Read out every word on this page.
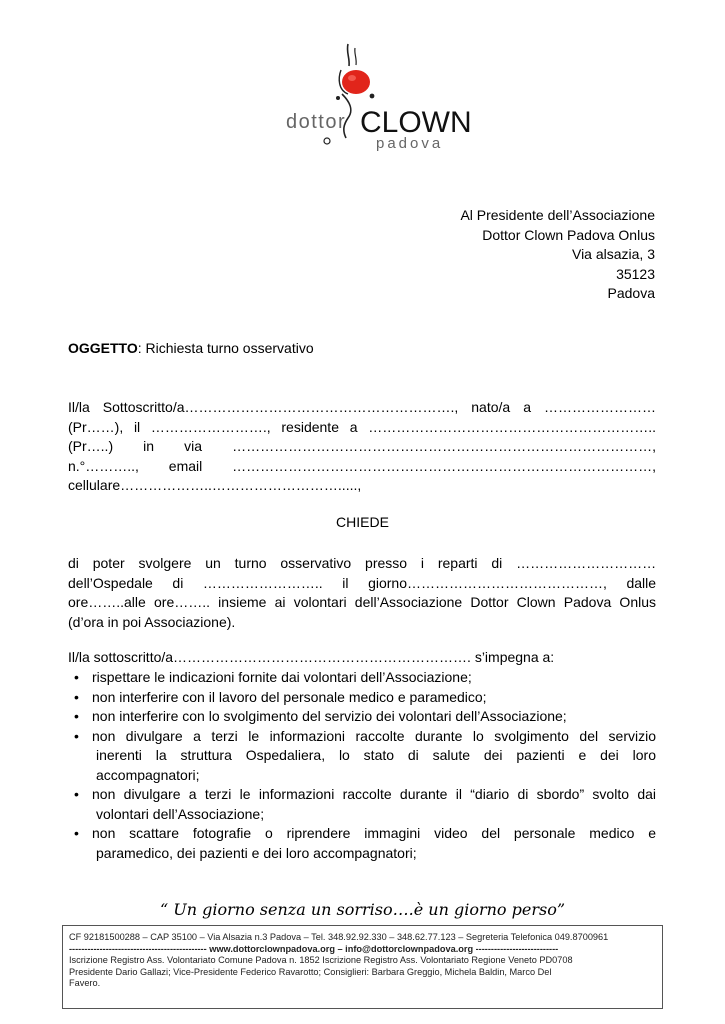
dottor CLOWN
padova
Al Presidente dell’Associazione
Dottor Clown Padova Onlus
Via alsazia, 3
35123
Padova
OGGETTO: Richiesta turno osservativo
Il/la Sottoscritto/a…………………………………………………., nato/a a ……………………
(Pr……), il ……………………., residente a ……………………………………………………..
(Pr…..) in via ………………………………………………………………………………,
n.°……….., email ………………………………………………………………………………,
cellulare………………..……………………….....,
CHIEDE
di poter svolgere un turno osservativo presso i reparti di …………………………
dell’Ospedale di …………………….. il giorno……………………………………, dalle
ore……..alle ore…….. insieme ai volontari dell’Associazione Dottor Clown Padova Onlus
(d’ora in poi Associazione).
Il/la sottoscritto/a………………………………………………………. s’impegna a:
• rispettare le indicazioni fornite dai volontari dell’Associazione;
• non interferire con il lavoro del personale medico e paramedico;
• non interferire con lo svolgimento del servizio dei volontari dell’Associazione;
• non divulgare a terzi le informazioni raccolte durante lo svolgimento del servizio
inerenti la struttura Ospedaliera, lo stato di salute dei pazienti e dei loro
accompagnatori;
• non divulgare a terzi le informazioni raccolte durante il “diario di sbordo” svolto dai
volontari dell’Associazione;
• non scattare fotografie o riprendere immagini video del personale medico e
paramedico, dei pazienti e dei loro accompagnatori;
“ Un giorno senza un sorriso….è un giorno perso”
CF 92181500288 – CAP 35100 – Via Alsazia n.3 Padova – Tel. 348.92.92.330 – 348.62.77.123 – Segreteria Telefonica 049.8700961
--------------------------------------------- www.dottorclownpadova.org – info@dottorclownpadova.org ---------------------------
Iscrizione Registro Ass. Volontariato Comune Padova n. 1852 Iscrizione Registro Ass. Volontariato Regione Veneto PD0708
Presidente Dario Gallazi; Vice-Presidente Federico Ravarotto; Consiglieri: Barbara Greggio, Michela Baldin, Marco Del
Favero.
